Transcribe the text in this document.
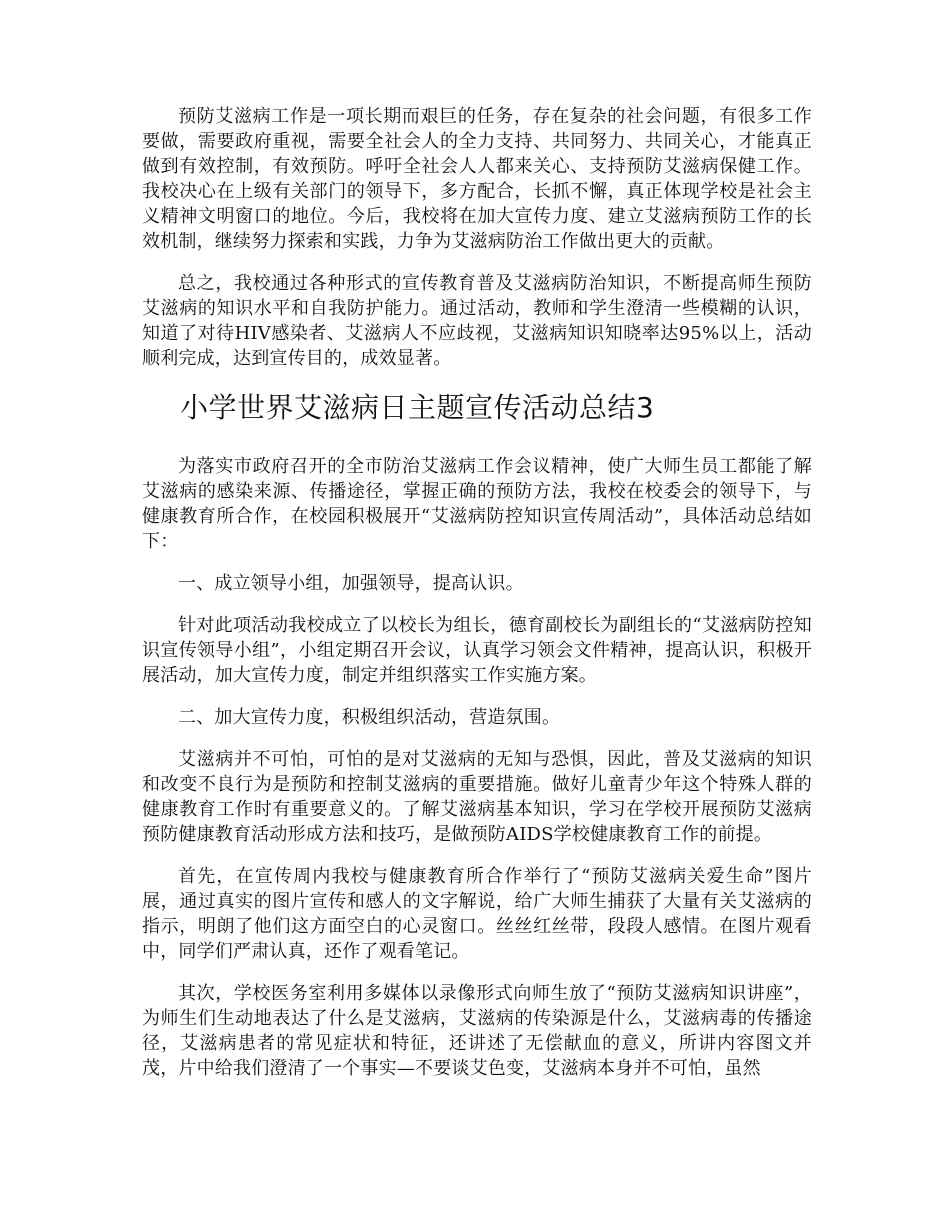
预防艾滋病工作是一项长期而艰巨的任务，存在复杂的社会问题，有很多工作要做，需要政府重视，需要全社会人的全力支持、共同努力、共同关心，才能真正做到有效控制，有效预防。呼吁全社会人人都来关心、支持预防艾滋病保健工作。我校决心在上级有关部门的领导下，多方配合，长抓不懈，真正体现学校是社会主义精神文明窗口的地位。今后，我校将在加大宣传力度、建立艾滋病预防工作的长效机制，继续努力探索和实践，力争为艾滋病防治工作做出更大的贡献。

总之，我校通过各种形式的宣传教育普及艾滋病防治知识，不断提高师生预防艾滋病的知识水平和自我防护能力。通过活动，教师和学生澄清一些模糊的认识，知道了对待HIV感染者、艾滋病人不应歧视，艾滋病知识知晓率达95%以上，活动顺利完成，达到宣传目的，成效显著。

小学世界艾滋病日主题宣传活动总结3

为落实市政府召开的全市防治艾滋病工作会议精神，使广大师生员工都能了解艾滋病的感染来源、传播途径，掌握正确的预防方法，我校在校委会的领导下，与健康教育所合作，在校园积极展开“艾滋病防控知识宣传周活动”，具体活动总结如下：

一、成立领导小组，加强领导，提高认识。

针对此项活动我校成立了以校长为组长，德育副校长为副组长的“艾滋病防控知识宣传领导小组”，小组定期召开会议，认真学习领会文件精神，提高认识，积极开展活动，加大宣传力度，制定并组织落实工作实施方案。

二、加大宣传力度，积极组织活动，营造氛围。

艾滋病并不可怕，可怕的是对艾滋病的无知与恐惧，因此，普及艾滋病的知识和改变不良行为是预防和控制艾滋病的重要措施。做好儿童青少年这个特殊人群的健康教育工作时有重要意义的。了解艾滋病基本知识，学习在学校开展预防艾滋病预防健康教育活动形成方法和技巧，是做预防AIDS学校健康教育工作的前提。

首先，在宣传周内我校与健康教育所合作举行了“预防艾滋病关爱生命”图片展，通过真实的图片宣传和感人的文字解说，给广大师生捕获了大量有关艾滋病的指示，明朗了他们这方面空白的心灵窗口。丝丝红丝带，段段人感情。在图片观看中，同学们严肃认真，还作了观看笔记。

其次，学校医务室利用多媒体以录像形式向师生放了“预防艾滋病知识讲座”，为师生们生动地表达了什么是艾滋病，艾滋病的传染源是什么，艾滋病毒的传播途径，艾滋病患者的常见症状和特征，还讲述了无偿献血的意义，所讲内容图文并茂，片中给我们澄清了一个事实—不要谈艾色变，艾滋病本身并不可怕，虽然
